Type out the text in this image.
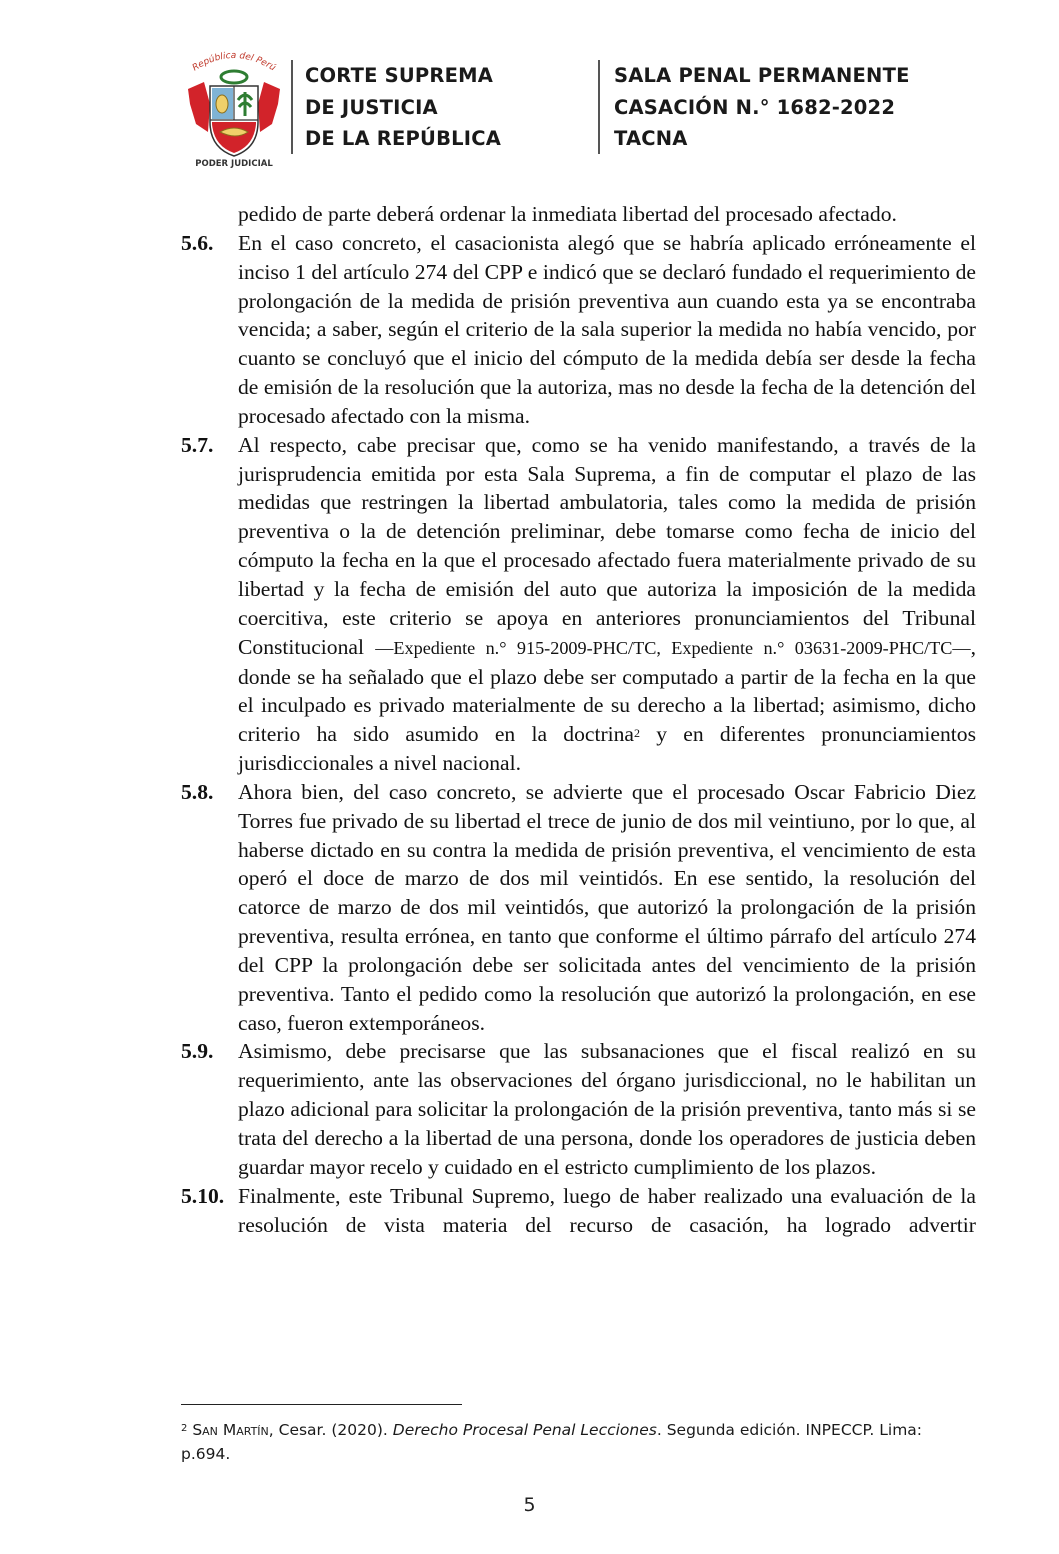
República del Perú
PODER JUDICIAL
CORTE SUPREMA
DE JUSTICIA
DE LA REPÚBLICA
SALA PENAL PERMANENTE
CASACIÓN N.° 1682-2022
TACNA

pedido de parte deberá ordenar la inmediata libertad del procesado afectado.

5.6. En el caso concreto, el casacionista alegó que se habría aplicado erróneamente el inciso 1 del artículo 274 del CPP e indicó que se declaró fundado el requerimiento de prolongación de la medida de prisión preventiva aun cuando esta ya se encontraba vencida; a saber, según el criterio de la sala superior la medida no había vencido, por cuanto se concluyó que el inicio del cómputo de la medida debía ser desde la fecha de emisión de la resolución que la autoriza, mas no desde la fecha de la detención del procesado afectado con la misma.

5.7. Al respecto, cabe precisar que, como se ha venido manifestando, a través de la jurisprudencia emitida por esta Sala Suprema, a fin de computar el plazo de las medidas que restringen la libertad ambulatoria, tales como la medida de prisión preventiva o la de detención preliminar, debe tomarse como fecha de inicio del cómputo la fecha en la que el procesado afectado fuera materialmente privado de su libertad y la fecha de emisión del auto que autoriza la imposición de la medida coercitiva, este criterio se apoya en anteriores pronunciamientos del Tribunal Constitucional —Expediente n.° 915-2009-PHC/TC, Expediente n.° 03631-2009-PHC/TC—, donde se ha señalado que el plazo debe ser computado a partir de la fecha en la que el inculpado es privado materialmente de su derecho a la libertad; asimismo, dicho criterio ha sido asumido en la doctrina$^2$ y en diferentes pronunciamientos jurisdiccionales a nivel nacional.

5.8. Ahora bien, del caso concreto, se advierte que el procesado Oscar Fabricio Diez Torres fue privado de su libertad el trece de junio de dos mil veintiuno, por lo que, al haberse dictado en su contra la medida de prisión preventiva, el vencimiento de esta operó el doce de marzo de dos mil veintidós. En ese sentido, la resolución del catorce de marzo de dos mil veintidós, que autorizó la prolongación de la prisión preventiva, resulta errónea, en tanto que conforme el último párrafo del artículo 274 del CPP la prolongación debe ser solicitada antes del vencimiento de la prisión preventiva. Tanto el pedido como la resolución que autorizó la prolongación, en ese caso, fueron extemporáneos.

5.9. Asimismo, debe precisarse que las subsanaciones que el fiscal realizó en su requerimiento, ante las observaciones del órgano jurisdiccional, no le habilitan un plazo adicional para solicitar la prolongación de la prisión preventiva, tanto más si se trata del derecho a la libertad de una persona, donde los operadores de justicia deben guardar mayor recelo y cuidado en el estricto cumplimiento de los plazos.

5.10. Finalmente, este Tribunal Supremo, luego de haber realizado una evaluación de la resolución de vista materia del recurso de casación, ha logrado advertir

$^2$ San Martín, Cesar. (2020). Derecho Procesal Penal Lecciones. Segunda edición. INPECCP. Lima: p.694.
5
